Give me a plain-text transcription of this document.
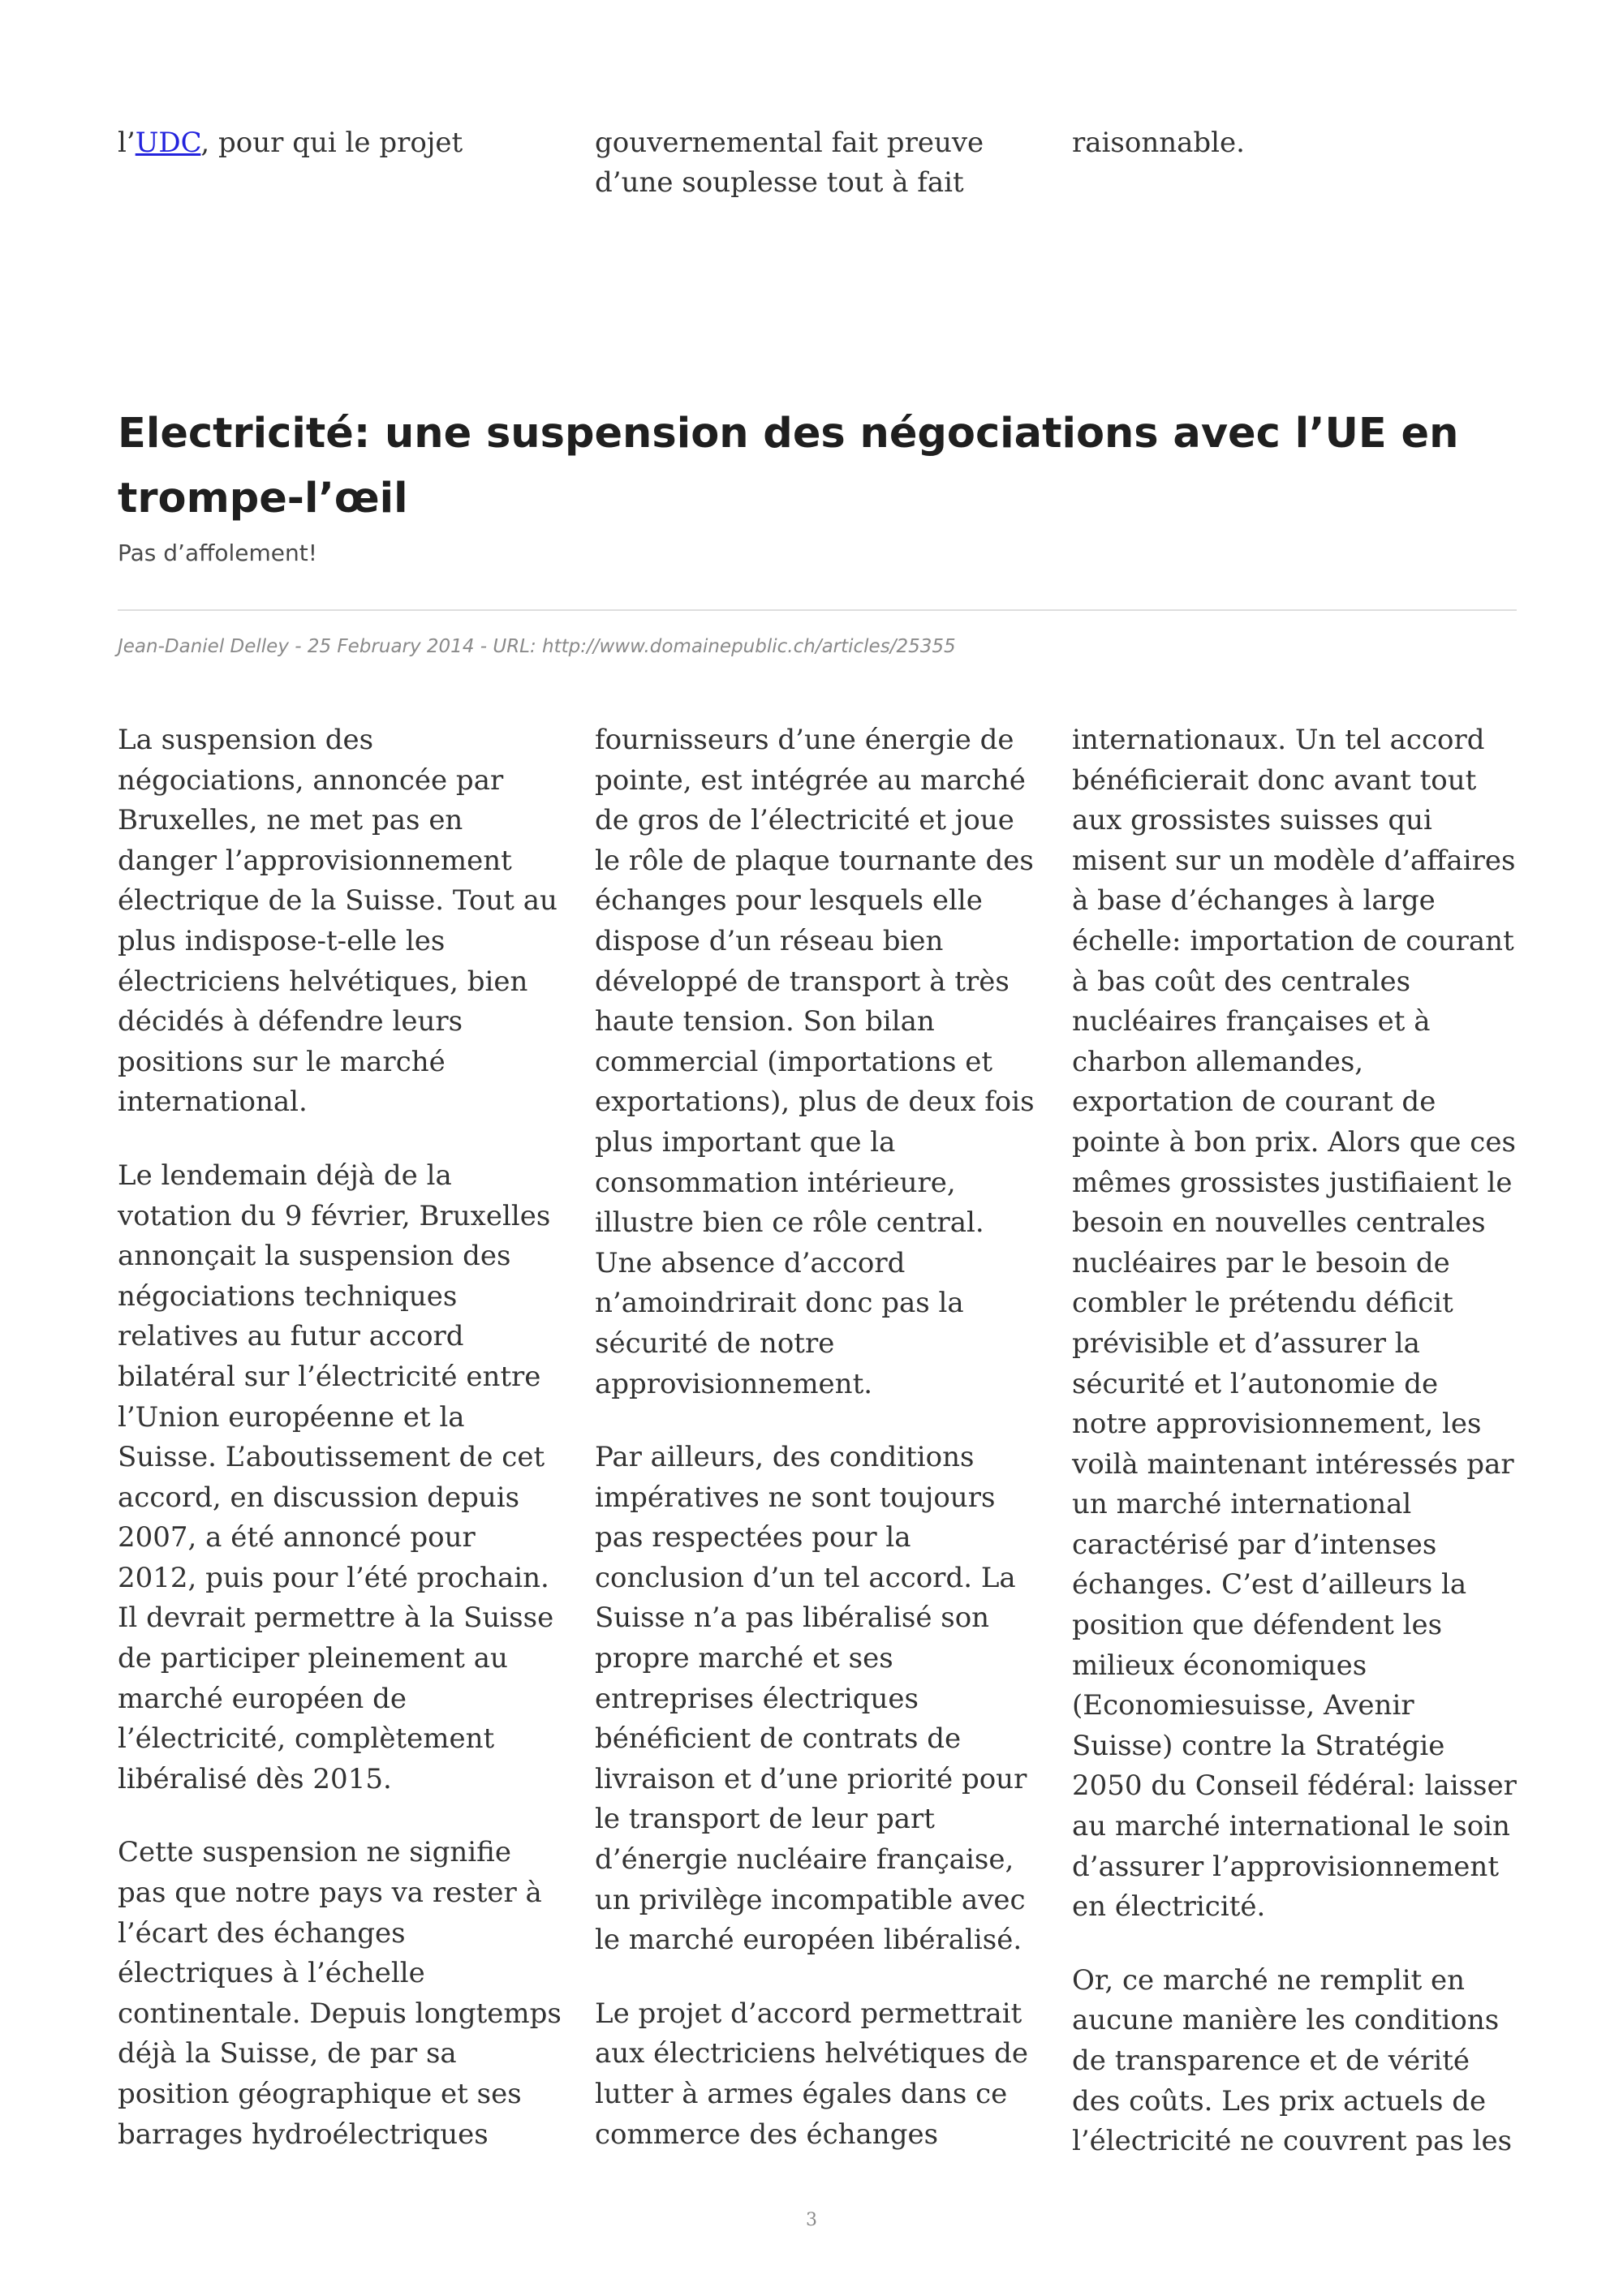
l’UDC, pour qui le projet	gouvernemental fait preuve
d’une souplesse tout à fait
raisonnable.
Electricité: une suspension des négociations avec l’UE en trompe-l’œil
Pas d’affolement!
Jean-Daniel Delley - 25 February 2014 - URL: http://www.domainepublic.ch/articles/25355

La suspension des négociations, annoncée par Bruxelles, ne met pas en danger l’approvisionnement électrique de la Suisse. Tout au plus indispose-t-elle les électriciens helvétiques, bien décidés à défendre leurs positions sur le marché international.

Le lendemain déjà de la votation du 9 février, Bruxelles annonçait la suspension des négociations techniques relatives au futur accord bilatéral sur l’électricité entre l’Union européenne et la Suisse. L’aboutissement de cet accord, en discussion depuis 2007, a été annoncé pour 2012, puis pour l’été prochain. Il devrait permettre à la Suisse de participer pleinement au marché européen de l’électricité, complètement libéralisé dès 2015.

Cette suspension ne signifie pas que notre pays va rester à l’écart des échanges électriques à l’échelle continentale. Depuis longtemps déjà la Suisse, de par sa position géographique et ses barrages hydroélectriques

fournisseurs d’une énergie de pointe, est intégrée au marché de gros de l’électricité et joue le rôle de plaque tournante des échanges pour lesquels elle dispose d’un réseau bien développé de transport à très haute tension. Son bilan commercial (importations et exportations), plus de deux fois plus important que la consommation intérieure, illustre bien ce rôle central. Une absence d’accord n’amoindrirait donc pas la sécurité de notre approvisionnement.

Par ailleurs, des conditions impératives ne sont toujours pas respectées pour la conclusion d’un tel accord. La Suisse n’a pas libéralisé son propre marché et ses entreprises électriques bénéficient de contrats de livraison et d’une priorité pour le transport de leur part d’énergie nucléaire française, un privilège incompatible avec le marché européen libéralisé.

Le projet d’accord permettrait aux électriciens helvétiques de lutter à armes égales dans ce commerce des échanges

internationaux. Un tel accord bénéficierait donc avant tout aux grossistes suisses qui misent sur un modèle d’affaires à base d’échanges à large échelle: importation de courant à bas coût des centrales nucléaires françaises et à charbon allemandes, exportation de courant de pointe à bon prix. Alors que ces mêmes grossistes justifiaient le besoin en nouvelles centrales nucléaires par le besoin de combler le prétendu déficit prévisible et d’assurer la sécurité et l’autonomie de notre approvisionnement, les voilà maintenant intéressés par un marché international caractérisé par d’intenses échanges. C’est d’ailleurs la position que défendent les milieux économiques (Economiesuisse, Avenir Suisse) contre la Stratégie 2050 du Conseil fédéral: laisser au marché international le soin d’assurer l’approvisionnement en électricité.

Or, ce marché ne remplit en aucune manière les conditions de transparence et de vérité des coûts. Les prix actuels de l’électricité ne couvrent pas les

3
